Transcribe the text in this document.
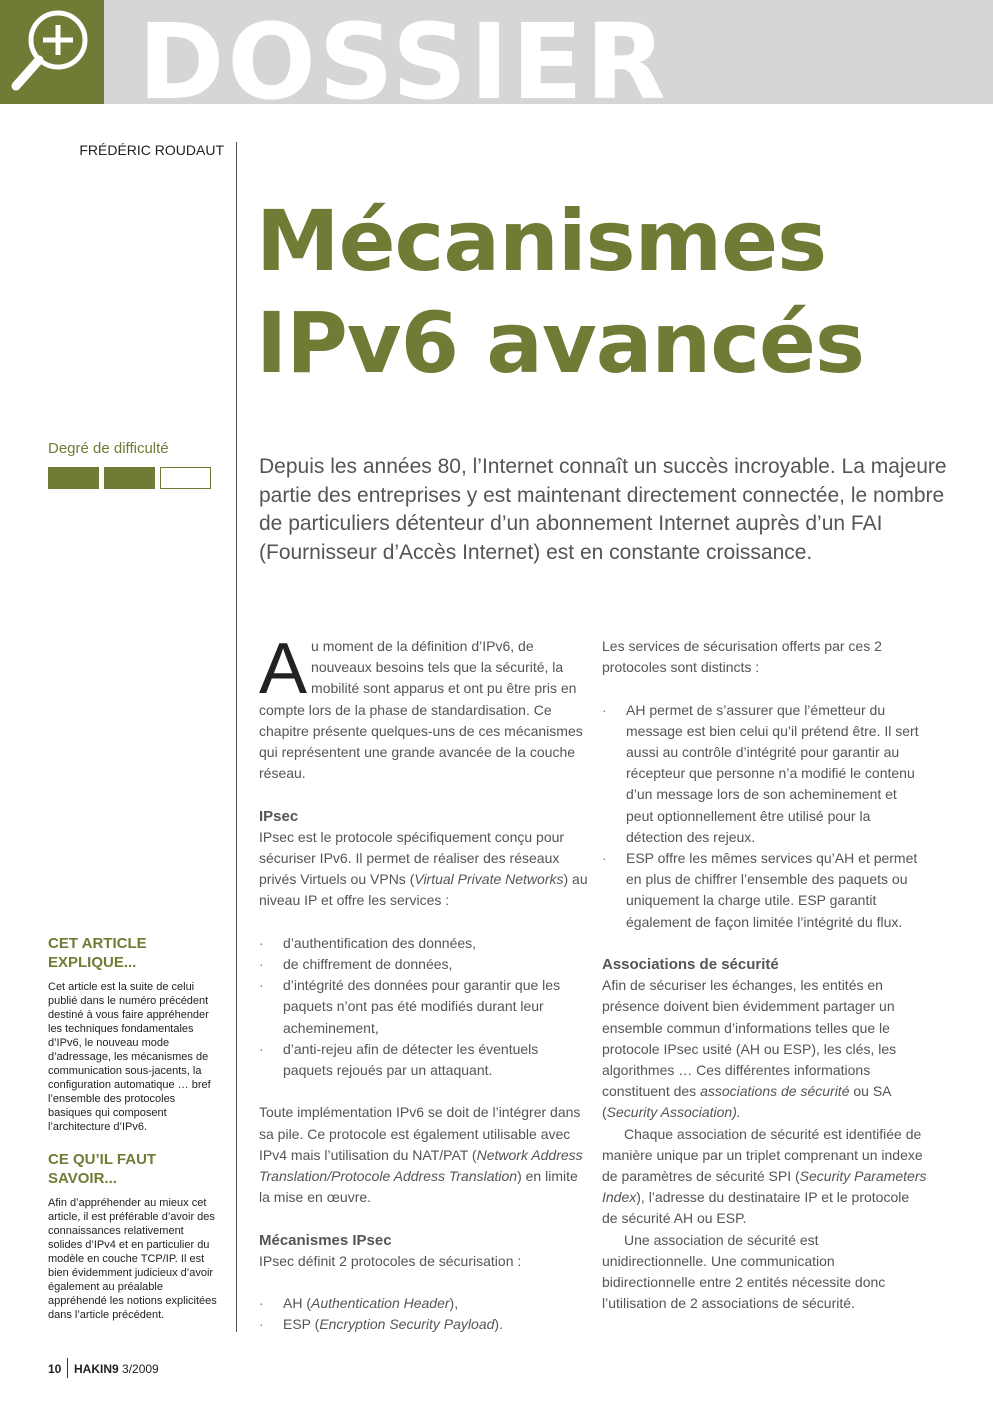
DOSSIER
FRÉDÉRIC ROUDAUT
Mécanismes
IPv6 avancés
Degré de difficulté

Depuis les années 80, l’Internet connaît un succès incroyable. La majeure partie des entreprises y est maintenant directement connectée, le nombre de particuliers détenteur d’un abonnement Internet auprès d’un FAI (Fournisseur d’Accès Internet) est en constante croissance.

CET ARTICLE
EXPLIQUE...

Cet article est la suite de celui publié dans le numéro précédent destiné à vous faire appréhender les techniques fondamentales d’IPv6, le nouveau mode d’adressage, les mécanismes de communication sous-jacents, la configuration automatique … bref l’ensemble des protocoles basiques qui composent l’architecture d’IPv6.

CE QU’IL FAUT
SAVOIR...

Afin d’appréhender au mieux cet article, il est préférable d’avoir des connaissances relativement solides d’IPv4 et en particulier du modèle en couche TCP/IP. Il est bien évidemment judicieux d’avoir également au préalable appréhendé les notions explicitées dans l’article précédent.

Au moment de la définition d’IPv6, de nouveaux besoins tels que la sécurité, la mobilité sont apparus et ont pu être pris en compte lors de la phase de standardisation. Ce chapitre présente quelques-uns de ces mécanismes qui représentent une grande avancée de la couche réseau.

IPsec

IPsec est le protocole spécifiquement conçu pour sécuriser IPv6. Il permet de réaliser des réseaux privés Virtuels ou VPNs (Virtual Private Networks) au niveau IP et offre les services :

· d’authentification des données,
· de chiffrement de données,
· d’intégrité des données pour garantir que les paquets n’ont pas été modifiés durant leur acheminement,
· d’anti-rejeu afin de détecter les éventuels paquets rejoués par un attaquant.

Toute implémentation IPv6 se doit de l’intégrer dans sa pile. Ce protocole est également utilisable avec IPv4 mais l’utilisation du NAT/PAT (Network Address Translation/Protocole Address Translation) en limite la mise en œuvre.

Mécanismes IPsec

IPsec définit 2 protocoles de sécurisation :

· AH (Authentication Header),
· ESP (Encryption Security Payload).

Les services de sécurisation offerts par ces 2 protocoles sont distincts :

· AH permet de s’assurer que l’émetteur du message est bien celui qu’il prétend être. Il sert aussi au contrôle d’intégrité pour garantir au récepteur que personne n’a modifié le contenu d’un message lors de son acheminement et peut optionnellement être utilisé pour la détection des rejeux.
· ESP offre les mêmes services qu’AH et permet en plus de chiffrer l’ensemble des paquets ou uniquement la charge utile. ESP garantit également de façon limitée l’intégrité du flux.
Associations de sécurité

Afin de sécuriser les échanges, les entités en présence doivent bien évidemment partager un ensemble commun d’informations telles que le protocole IPsec usité (AH ou ESP), les clés, les algorithmes … Ces différentes informations constituent des associations de sécurité ou SA (Security Association).

Chaque association de sécurité est identifiée de manière unique par un triplet comprenant un indexe de paramètres de sécurité SPI (Security Parameters Index), l’adresse du destinataire IP et le protocole de sécurité AH ou ESP.

Une association de sécurité est unidirectionnelle. Une communication bidirectionnelle entre 2 entités nécessite donc l’utilisation de 2 associations de sécurité.

10 HAKIN9 3/2009
